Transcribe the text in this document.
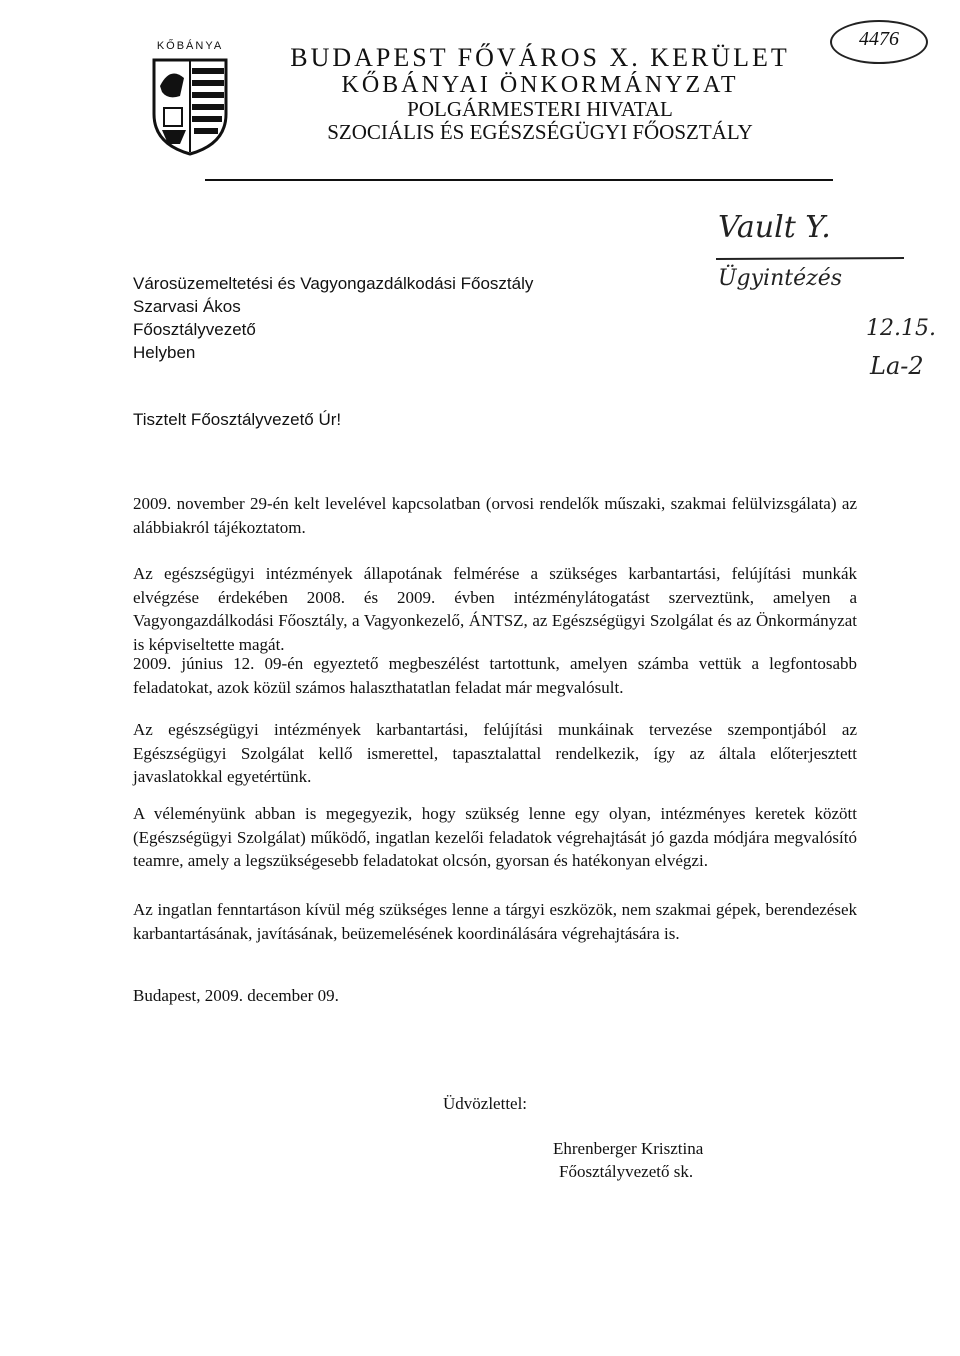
KŐBÁNYA	BUDAPEST FŐVÁROS X. KERÜLET
KŐBÁNYAI ÖNKORMÁNYZAT
POLGÁRMESTERI HIVATAL
SZOCIÁLIS ÉS EGÉSZSÉGÜGYI FŐOSZTÁLY
4476
Városüzemeltetési és Vagyongazdálkodási Főosztály
Szarvasi Ákos
Főosztályvezető
Helyben
Vault Y.
Ügyintézés
12.15.
La-2
Tisztelt Főosztályvezető Úr!

2009. november 29-én kelt levelével kapcsolatban (orvosi rendelők műszaki, szakmai felülvizsgálata) az alábbiakról tájékoztatom.

Az egészségügyi intézmények állapotának felmérése a szükséges karbantartási, felújítási munkák elvégzése érdekében 2008. és 2009. évben intézménylátogatást szerveztünk, amelyen a Vagyongazdálkodási Főosztály, a Vagyonkezelő, ÁNTSZ, az Egészségügyi Szolgálat és az Önkormányzat is képviseltette magát.

2009. június 12. 09-én egyeztető megbeszélést tartottunk, amelyen számba vettük a legfontosabb feladatokat, azok közül számos halaszthatatlan feladat már megvalósult.

Az egészségügyi intézmények karbantartási, felújítási munkáinak tervezése szempontjából az Egészségügyi Szolgálat kellő ismerettel, tapasztalattal rendelkezik, így az általa előterjesztett javaslatokkal egyetértünk.

A véleményünk abban is megegyezik, hogy szükség lenne egy olyan, intézményes keretek között (Egészségügyi Szolgálat) működő, ingatlan kezelői feladatok végrehajtását jó gazda módjára megvalósító teamre, amely a legszükségesebb feladatokat olcsón, gyorsan és hatékonyan elvégzi.

Az ingatlan fenntartáson kívül még szükséges lenne a tárgyi eszközök, nem szakmai gépek, berendezések karbantartásának, javításának, beüzemelésének koordinálására végrehajtására is.

Budapest, 2009. december 09.
Üdvözlettel:
Ehrenberger Krisztina
Főosztályvezető sk.
